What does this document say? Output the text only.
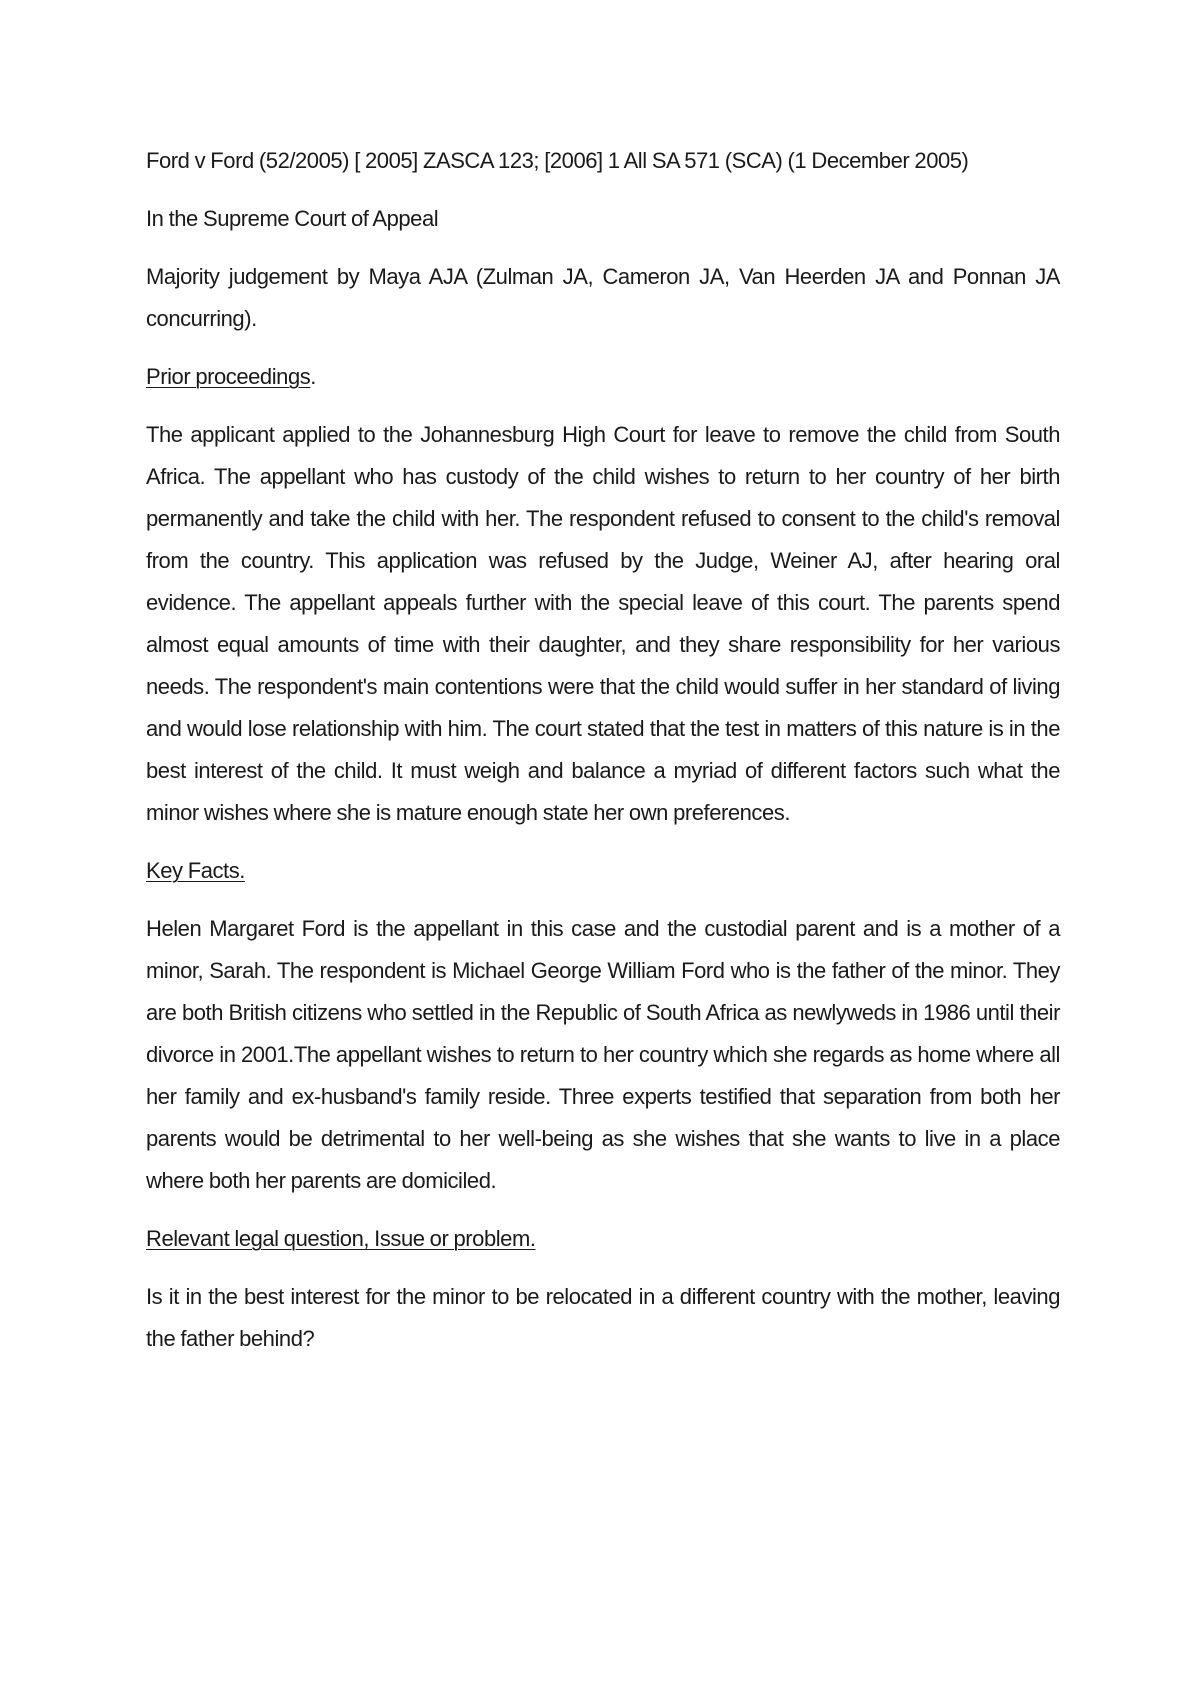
Ford v Ford (52/2005) [ 2005] ZASCA 123; [2006] 1 All SA 571 (SCA) (1 December 2005)

In the Supreme Court of Appeal

Majority judgement by Maya AJA (Zulman JA, Cameron JA, Van Heerden JA and Ponnan JA concurring).

Prior proceedings.

The applicant applied to the Johannesburg High Court for leave to remove the child from South Africa. The appellant who has custody of the child wishes to return to her country of her birth permanently and take the child with her. The respondent refused to consent to the child's removal from the country. This application was refused by the Judge, Weiner AJ, after hearing oral evidence. The appellant appeals further with the special leave of this court. The parents spend almost equal amounts of time with their daughter, and they share responsibility for her various needs. The respondent's main contentions were that the child would suffer in her standard of living and would lose relationship with him. The court stated that the test in matters of this nature is in the best interest of the child. It must weigh and balance a myriad of different factors such what the minor wishes where she is mature enough state her own preferences.

Key Facts.

Helen Margaret Ford is the appellant in this case and the custodial parent and is a mother of a minor, Sarah. The respondent is Michael George William Ford who is the father of the minor. They are both British citizens who settled in the Republic of South Africa as newlyweds in 1986 until their divorce in 2001.The appellant wishes to return to her country which she regards as home where all her family and ex-husband's family reside. Three experts testified that separation from both her parents would be detrimental to her well-being as she wishes that she wants to live in a place where both her parents are domiciled.

Relevant legal question, Issue or problem.

Is it in the best interest for the minor to be relocated in a different country with the mother, leaving the father behind?
